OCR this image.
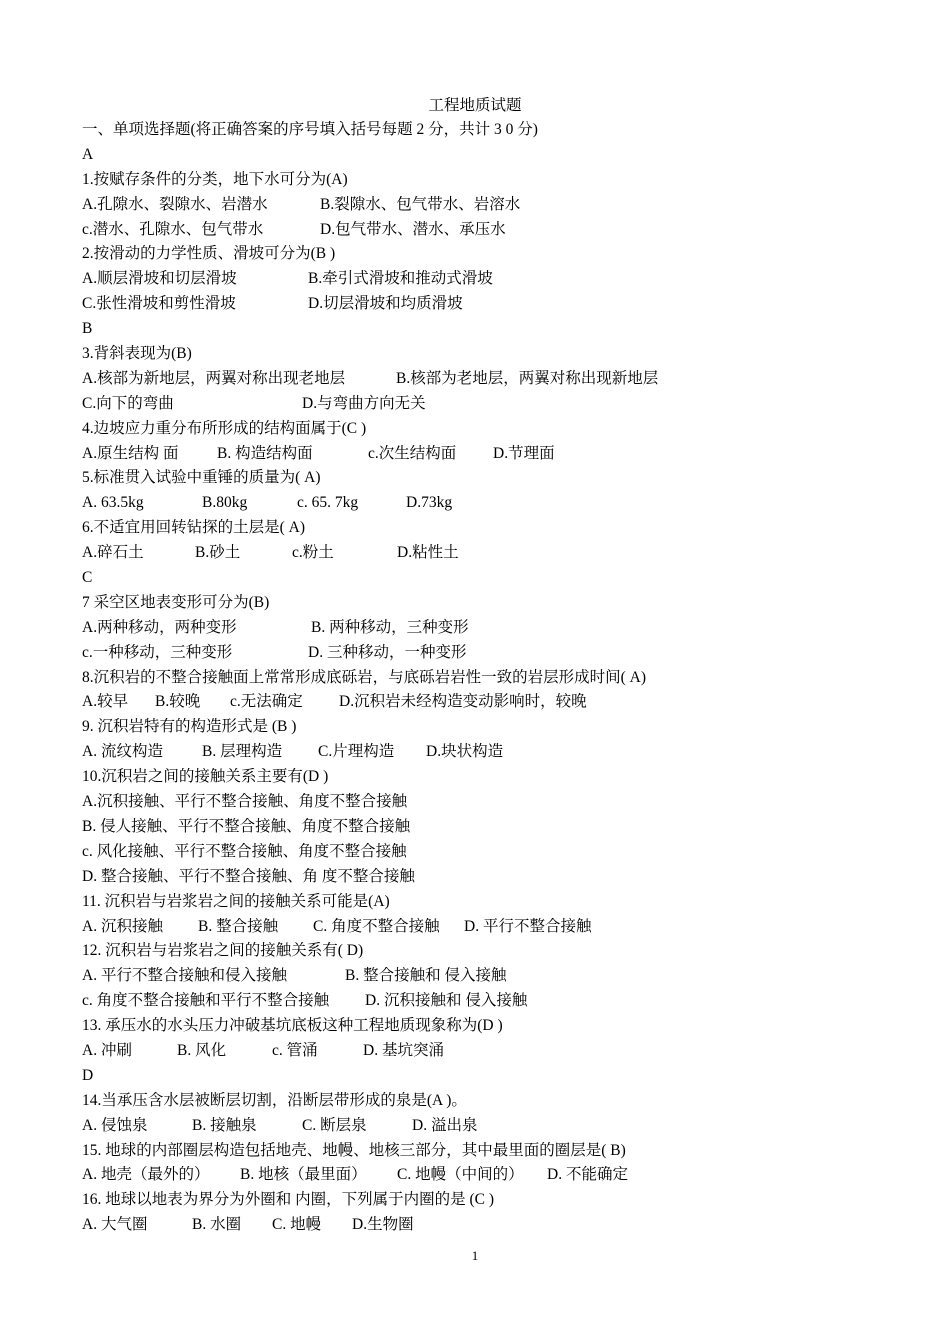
工程地质试题
一、单项选择题(将正确答案的序号填入括号每题 2 分，共计 3 0 分)
A
1.按赋存条件的分类，地下水可分为(A)
A.孔隙水、裂隙水、岩潜水	B.裂隙水、包气带水、岩溶水
c.潜水、孔隙水、包气带水	D.包气带水、潜水、承压水
2.按滑动的力学性质、滑坡可分为(B )
A.顺层滑坡和切层滑坡	B.牵引式滑坡和推动式滑坡
C.张性滑坡和剪性滑坡	D.切层滑坡和均质滑坡
B
3.背斜表现为(B)
A.核部为新地层，两翼对称出现老地层	B.核部为老地层，两翼对称出现新地层
C.向下的弯曲	D.与弯曲方向无关
4.边坡应力重分布所形成的结构面属于(C )
A.原生结构 面 B. 构造结构面	c.次生结构面 D.节理面
5.标准贯入试验中重锤的质量为( A)
A. 63.5kg	B.80kg	c. 65. 7kg	D.73kg
6.不适宜用回转钻探的土层是( A)
A.碎石土	B.砂土	c.粉土	D.粘性土
C
7 采空区地表变形可分为(B)
A.两种移动，两种变形	B. 两种移动，三种变形
c.一种移动，三种变形	D. 三种移动，一种变形
8.沉积岩的不整合接触面上常常形成底砾岩，与底砾岩岩性一致的岩层形成时间( A)
A.较早 B.较晚 c.无法确定 D.沉积岩未经构造变动影响时，较晚
9. 沉积岩特有的构造形式是 (B )
A. 流纹构造	B. 层理构造 C.片理构造 D.块状构造
10.沉积岩之间的接触关系主要有(D )
A.沉积接触、平行不整合接触、角度不整合接触
B. 侵人接触、平行不整合接触、角度不整合接触
c. 风化接触、平行不整合接触、角度不整合接触
D. 整合接触、平行不整合接触、角 度不整合接触
11. 沉积岩与岩浆岩之间的接触关系可能是(A)
A. 沉积接触 B. 整合接触 C. 角度不整合接触 D. 平行不整合接触
12. 沉积岩与岩浆岩之间的接触关系有( D)
A. 平行不整合接触和侵入接触	B. 整合接触和 侵入接触
c. 角度不整合接触和平行不整合接触 D. 沉积接触和 侵入接触
13. 承压水的水头压力冲破基坑底板这种工程地质现象称为(D )
A. 冲刷	B. 风化	c. 管涌	D. 基坑突涌
D
14.当承压含水层被断层切割，沿断层带形成的泉是(A )。
A. 侵蚀泉	B. 接触泉	C. 断层泉	D. 溢出泉
15. 地球的内部圈层构造包括地壳、地幔、地核三部分，其中最里面的圈层是( B)
A. 地壳（最外的） B. 地核（最里面） C. 地幔（中间的） D. 不能确定
16. 地球以地表为界分为外圈和 内圈，下列属于内圈的是 (C )
A. 大气圈	B. 水圈 C. 地幔 D.生物圈
1
